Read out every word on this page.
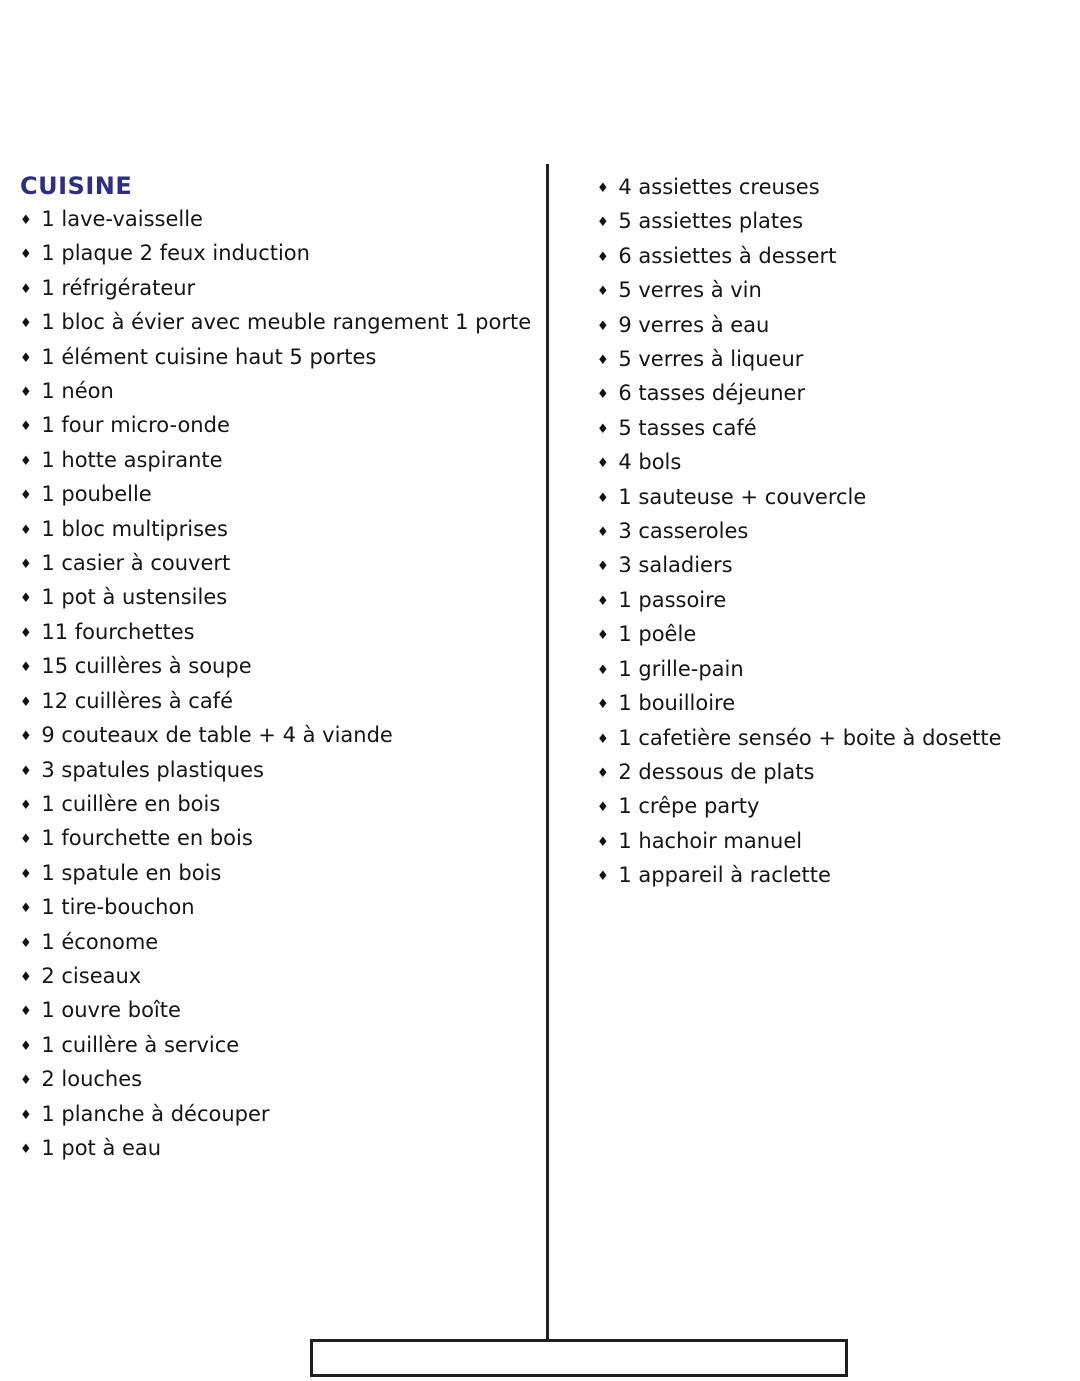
CUISINE
♦ 1 lave-vaisselle
♦ 1 plaque 2 feux induction
♦ 1 réfrigérateur
♦ 1 bloc à évier avec meuble rangement 1 porte
♦ 1 élément cuisine haut 5 portes
♦ 1 néon
♦ 1 four micro-onde
♦ 1 hotte aspirante
♦ 1 poubelle
♦ 1 bloc multiprises
♦ 1 casier à couvert
♦ 1 pot à ustensiles
♦ 11 fourchettes
♦ 15 cuillères à soupe
♦ 12 cuillères à café
♦ 9 couteaux de table + 4 à viande
♦ 3 spatules plastiques
♦ 1 cuillère en bois
♦ 1 fourchette en bois
♦ 1 spatule en bois
♦ 1 tire-bouchon
♦ 1 économe
♦ 2 ciseaux
♦ 1 ouvre boîte
♦ 1 cuillère à service
♦ 2 louches
♦ 1 planche à découper
♦ 1 pot à eau
♦ 4 assiettes creuses
♦ 5 assiettes plates
♦ 6 assiettes à dessert
♦ 5 verres à vin
♦ 9 verres à eau
♦ 5 verres à liqueur
♦ 6 tasses déjeuner
♦ 5 tasses café
♦ 4 bols
♦ 1 sauteuse + couvercle
♦ 3 casseroles
♦ 3 saladiers
♦ 1 passoire
♦ 1 poêle
♦ 1 grille-pain
♦ 1 bouilloire
♦ 1 cafetière senséo + boite à dosette
♦ 2 dessous de plats
♦ 1 crêpe party
♦ 1 hachoir manuel
♦ 1 appareil à raclette
